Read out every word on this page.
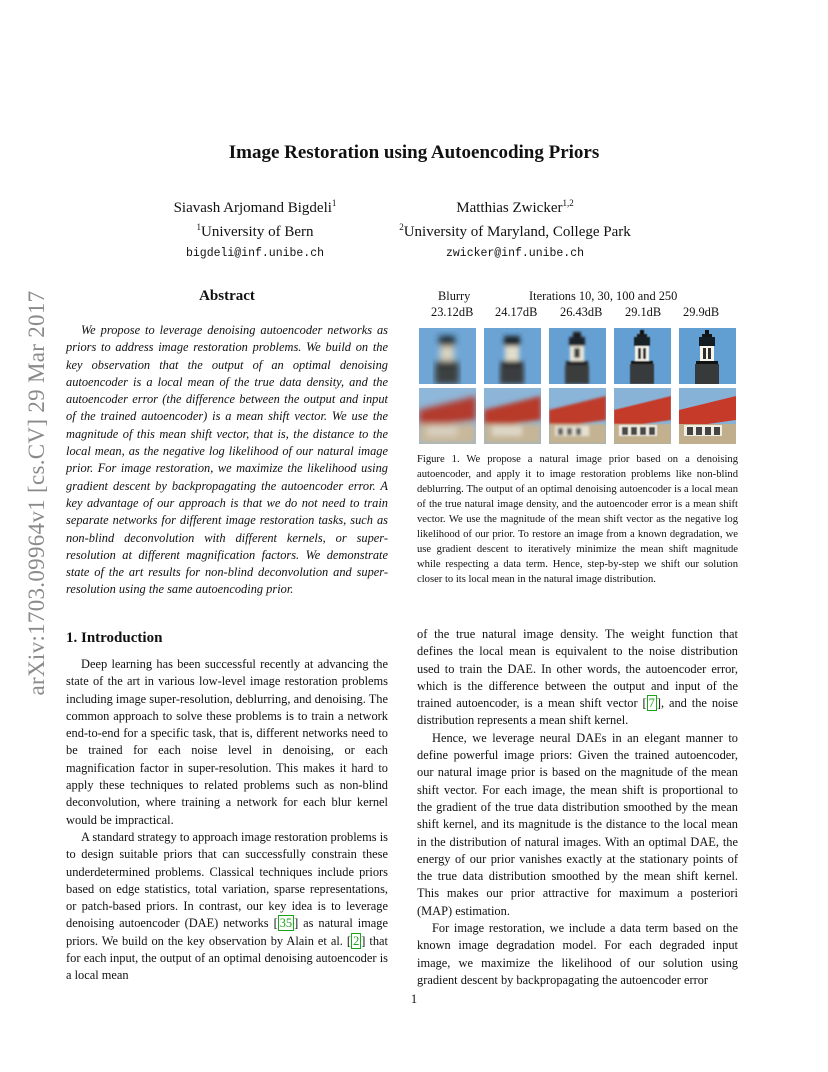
arXiv:1703.09964v1 [cs.CV] 29 Mar 2017
Image Restoration using Autoencoding Priors
Siavash Arjomand Bigdeli$^1$
$^1$University of Bern
bigdeli@inf.unibe.ch
Matthias Zwicker$^{1,2}$
$^2$University of Maryland, College Park
zwicker@inf.unibe.ch
Abstract

We propose to leverage denoising autoencoder networks as priors to address image restoration problems. We build on the key observation that the output of an optimal denoising autoencoder is a local mean of the true data density, and the autoencoder error (the difference between the output and input of the trained autoencoder) is a mean shift vector. We use the magnitude of this mean shift vector, that is, the distance to the local mean, as the negative log likelihood of our natural image prior. For image restoration, we maximize the likelihood using gradient descent by backpropagating the autoencoder error. A key advantage of our approach is that we do not need to train separate networks for different image restoration tasks, such as non-blind deconvolution with different kernels, or super-resolution at different magnification factors. We demonstrate state of the art results for non-blind deconvolution and super-resolution using the same autoencoding prior.

Blurry	Iterations 10, 30, 100 and 250
23.12dB 24.17dB 26.43dB 29.1dB 29.9dB
Figure 1. We propose a natural image prior based on a denoising autoencoder, and apply it to image restoration problems like non-blind deblurring. The output of an optimal denoising autoencoder is a local mean of the true natural image density, and the autoencoder error is a mean shift vector. We use the magnitude of the mean shift vector as the negative log likelihood of our prior. To restore an image from a known degradation, we use gradient descent to iteratively minimize the mean shift magnitude while respecting a data term. Hence, step-by-step we shift our solution closer to its local mean in the natural image distribution.
1. Introduction

Deep learning has been successful recently at advancing the state of the art in various low-level image restoration problems including image super-resolution, deblurring, and denoising. The common approach to solve these problems is to train a network end-to-end for a specific task, that is, different networks need to be trained for each noise level in denoising, or each magnification factor in super-resolution. This makes it hard to apply these techniques to related problems such as non-blind deconvolution, where training a network for each blur kernel would be impractical.

A standard strategy to approach image restoration problems is to design suitable priors that can successfully constrain these underdetermined problems. Classical techniques include priors based on edge statistics, total variation, sparse representations, or patch-based priors. In contrast, our key idea is to leverage denoising autoencoder (DAE) networks [ 35 ] as natural image priors. We build on the key observation by Alain et al. [ 2 ] that for each input, the output of an optimal denoising autoencoder is a local mean

of the true natural image density. The weight function that defines the local mean is equivalent to the noise distribution used to train the DAE. In other words, the autoencoder error, which is the difference between the output and input of the trained autoencoder, is a mean shift vector [ 7 ], and the noise distribution represents a mean shift kernel.

Hence, we leverage neural DAEs in an elegant manner to define powerful image priors: Given the trained autoencoder, our natural image prior is based on the magnitude of the mean shift vector. For each image, the mean shift is proportional to the gradient of the true data distribution smoothed by the mean shift kernel, and its magnitude is the distance to the local mean in the distribution of natural images. With an optimal DAE, the energy of our prior vanishes exactly at the stationary points of the true data distribution smoothed by the mean shift kernel. This makes our prior attractive for maximum a posteriori (MAP) estimation.

For image restoration, we include a data term based on the known image degradation model. For each degraded input image, we maximize the likelihood of our solution using gradient descent by backpropagating the autoencoder error

1
